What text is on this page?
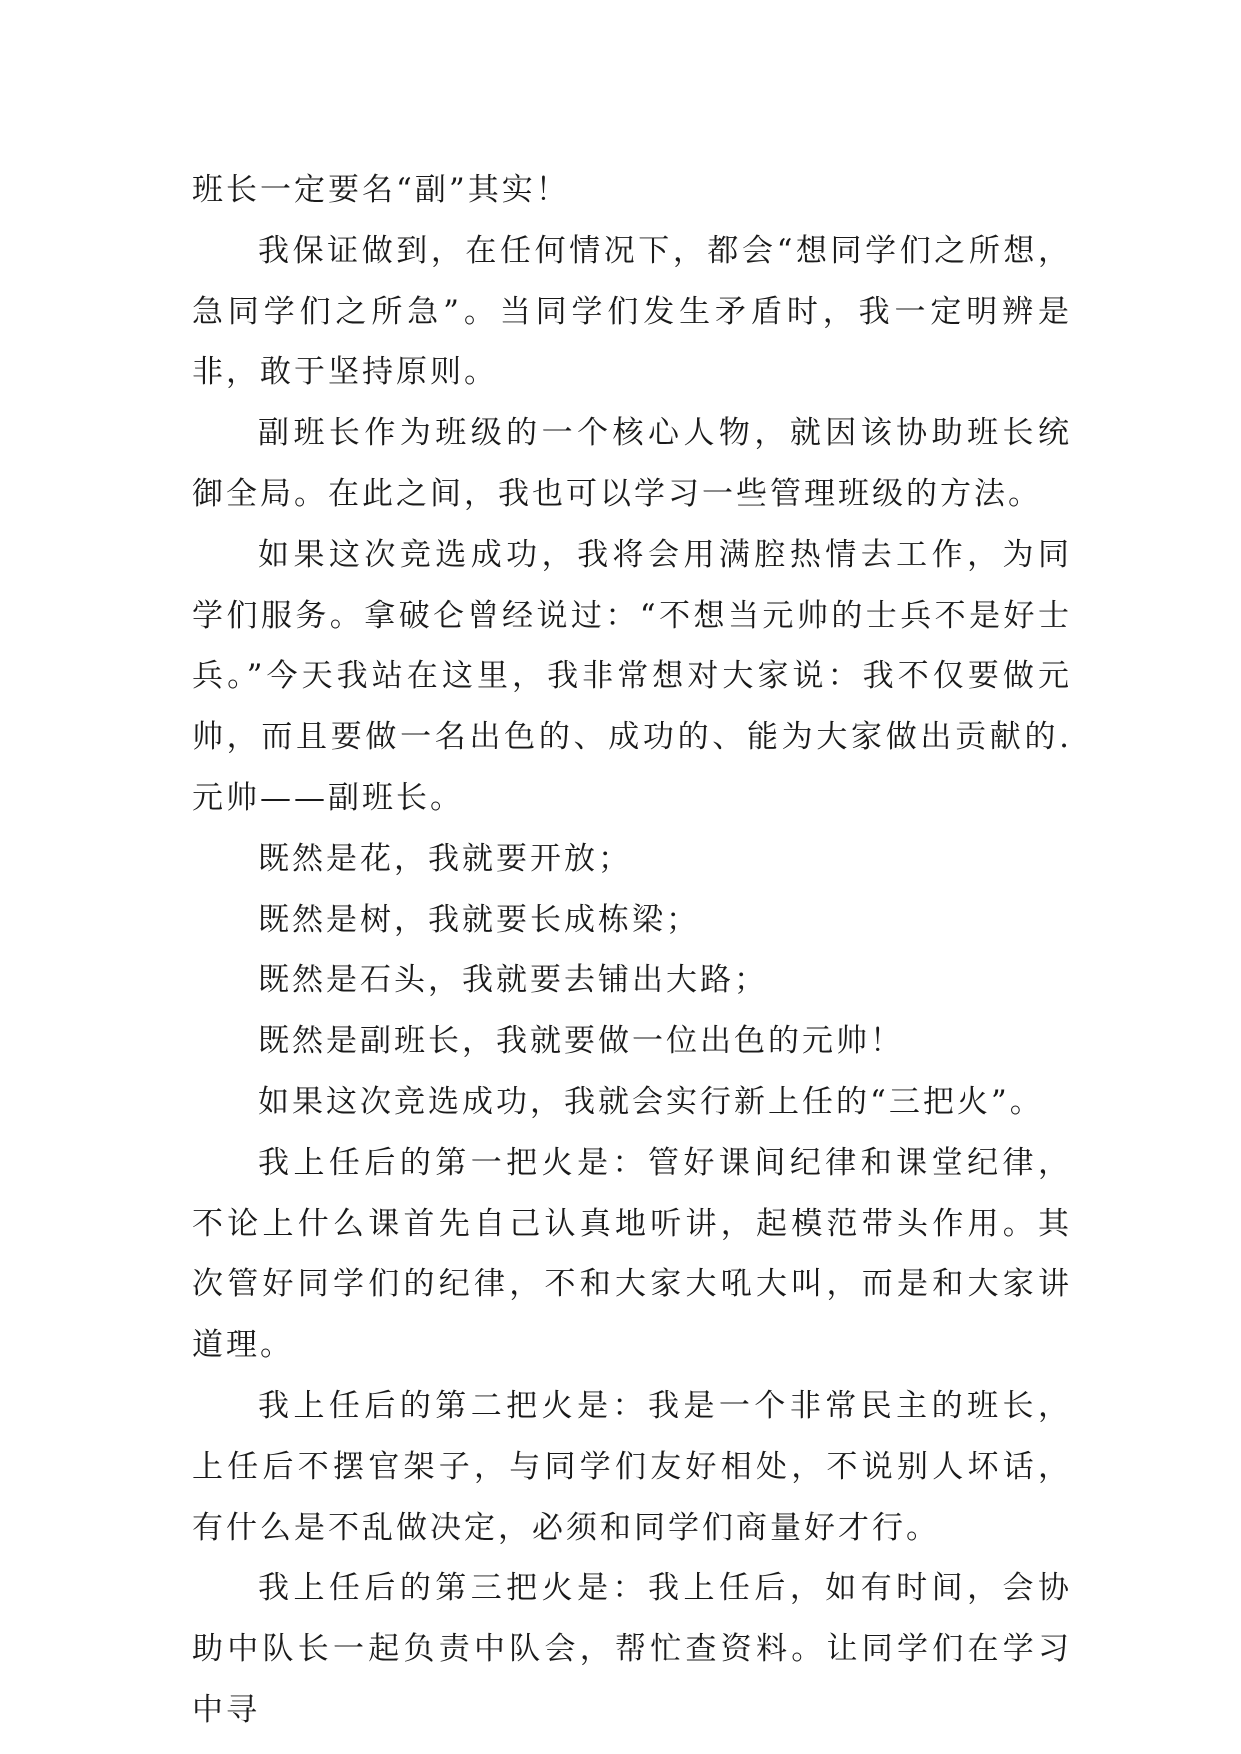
班长一定要名“副”其实！

我保证做到，在任何情况下，都会“想同学们之所想，急同学们之所急”。当同学们发生矛盾时，我一定明辨是非，敢于坚持原则。

副班长作为班级的一个核心人物，就因该协助班长统御全局。在此之间，我也可以学习一些管理班级的方法。

如果这次竞选成功，我将会用满腔热情去工作，为同学们服务。拿破仑曾经说过：“不想当元帅的士兵不是好士兵。”今天我站在这里，我非常想对大家说：我不仅要做元帅，而且要做一名出色的、成功的、能为大家做出贡献的.元帅——副班长。

既然是花，我就要开放；

既然是树，我就要长成栋梁；

既然是石头，我就要去铺出大路；

既然是副班长，我就要做一位出色的元帅！

如果这次竞选成功，我就会实行新上任的“三把火”。

我上任后的第一把火是：管好课间纪律和课堂纪律，不论上什么课首先自己认真地听讲，起模范带头作用。其次管好同学们的纪律，不和大家大吼大叫，而是和大家讲道理。

我上任后的第二把火是：我是一个非常民主的班长，上任后不摆官架子，与同学们友好相处，不说别人坏话，有什么是不乱做决定，必须和同学们商量好才行。

我上任后的第三把火是：我上任后，如有时间，会协助中队长一起负责中队会，帮忙查资料。让同学们在学习中寻
